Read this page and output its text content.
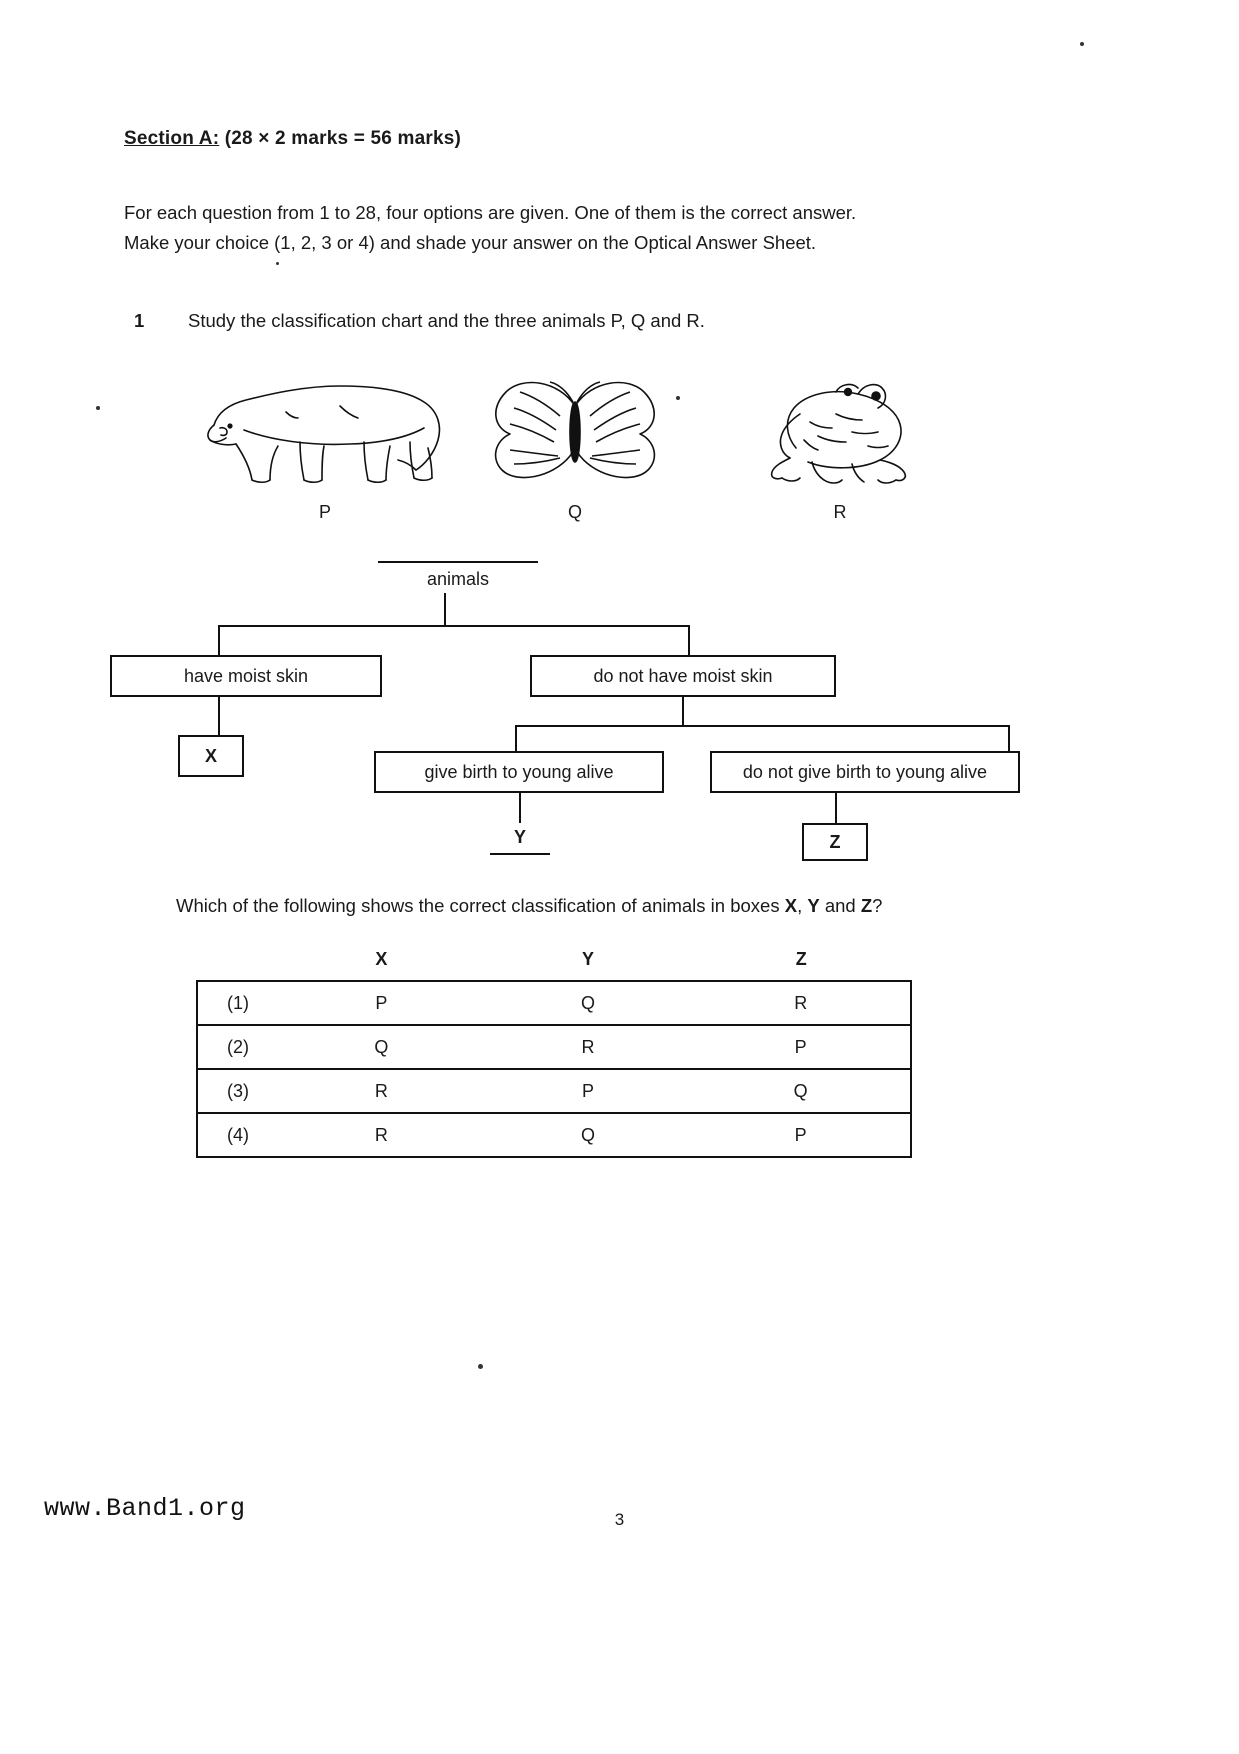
Section A: (28 × 2 marks = 56 marks)
For each question from 1 to 28, four options are given. One of them is the correct answer.
Make your choice (1, 2, 3 or 4) and shade your answer on the Optical Answer Sheet.
1 Study the classification chart and the three animals P, Q and R.
P	Q	R
animals
have moist skin	do not have moist skin
X
give birth to young alive	do not give birth to young alive
Y	Z
Which of the following shows the correct classification of animals in boxes X, Y and Z?
	X	Y	Z
(1)	P	Q	R
(2)	Q	R	P
(3)	R	P	Q
(4)	R	Q	P
3
www.Band1.org
